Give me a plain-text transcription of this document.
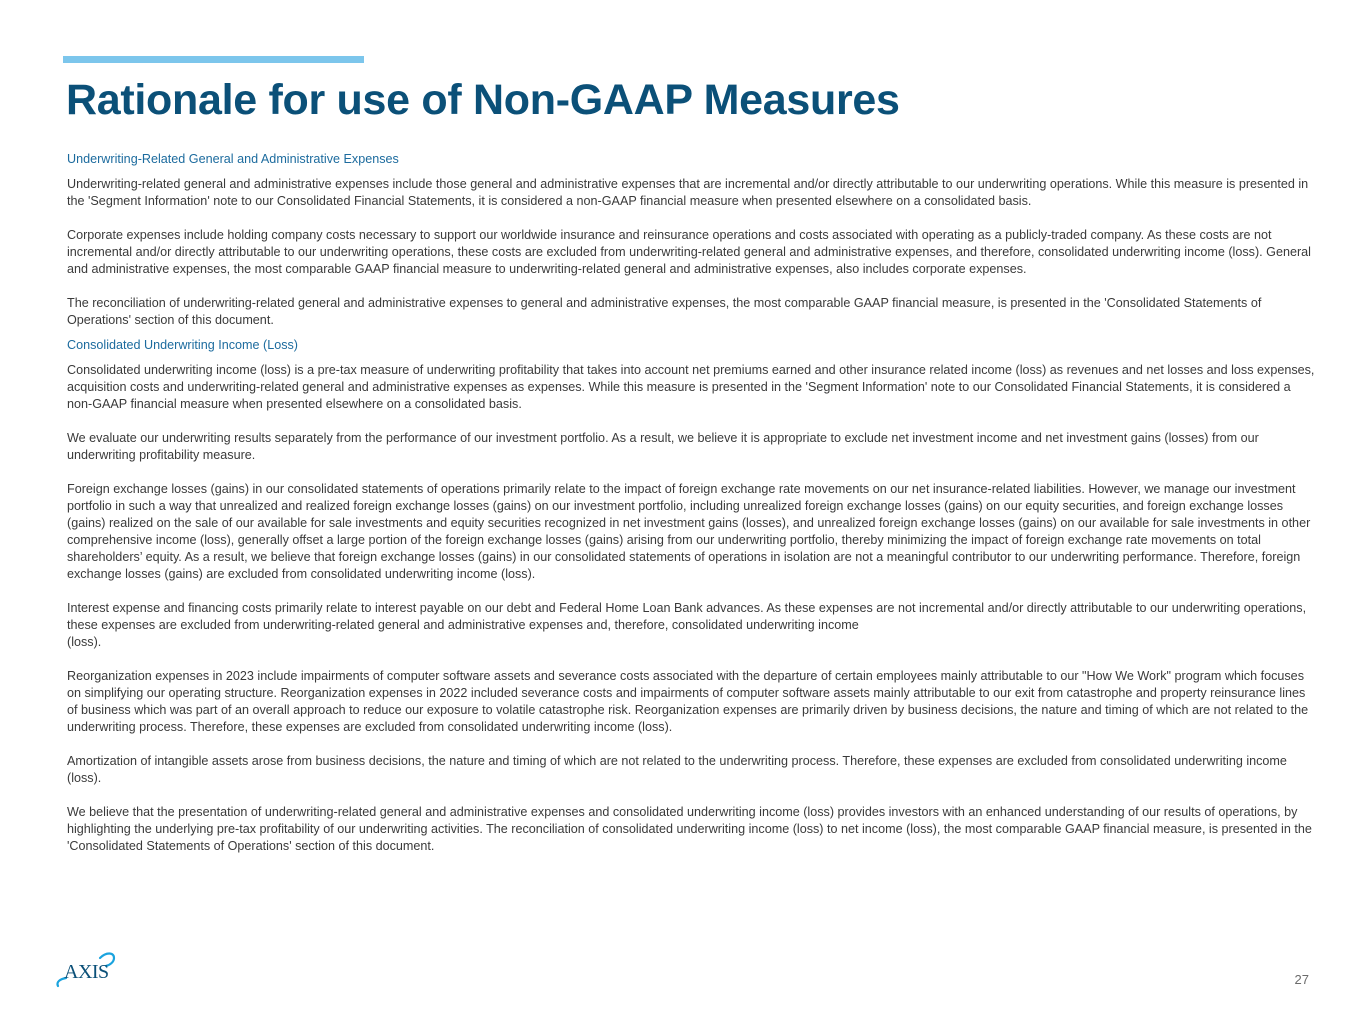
Rationale for use of Non-GAAP Measures
Underwriting-Related General and Administrative Expenses

Underwriting-related general and administrative expenses include those general and administrative expenses that are incremental and/or directly attributable to our underwriting operations. While this measure is presented in the 'Segment Information' note to our Consolidated Financial Statements, it is considered a non-GAAP financial measure when presented elsewhere on a consolidated basis.

Corporate expenses include holding company costs necessary to support our worldwide insurance and reinsurance operations and costs associated with operating as a publicly-traded company. As these costs are not incremental and/or directly attributable to our underwriting operations, these costs are excluded from underwriting-related general and administrative expenses, and therefore, consolidated underwriting income (loss). General and administrative expenses, the most comparable GAAP financial measure to underwriting-related general and administrative expenses, also includes corporate expenses.

The reconciliation of underwriting-related general and administrative expenses to general and administrative expenses, the most comparable GAAP financial measure, is presented in the 'Consolidated Statements of Operations' section of this document.

Consolidated Underwriting Income (Loss)

Consolidated underwriting income (loss) is a pre-tax measure of underwriting profitability that takes into account net premiums earned and other insurance related income (loss) as revenues and net losses and loss expenses, acquisition costs and underwriting-related general and administrative expenses as expenses. While this measure is presented in the 'Segment Information' note to our Consolidated Financial Statements, it is considered a non-GAAP financial measure when presented elsewhere on a consolidated basis.

We evaluate our underwriting results separately from the performance of our investment portfolio. As a result, we believe it is appropriate to exclude net investment income and net investment gains (losses) from our underwriting profitability measure.

Foreign exchange losses (gains) in our consolidated statements of operations primarily relate to the impact of foreign exchange rate movements on our net insurance-related liabilities. However, we manage our investment portfolio in such a way that unrealized and realized foreign exchange losses (gains) on our investment portfolio, including unrealized foreign exchange losses (gains) on our equity securities, and foreign exchange losses (gains) realized on the sale of our available for sale investments and equity securities recognized in net investment gains (losses), and unrealized foreign exchange losses (gains) on our available for sale investments in other comprehensive income (loss), generally offset a large portion of the foreign exchange losses (gains) arising from our underwriting portfolio, thereby minimizing the impact of foreign exchange rate movements on total shareholders’ equity. As a result, we believe that foreign exchange losses (gains) in our consolidated statements of operations in isolation are not a meaningful contributor to our underwriting performance. Therefore, foreign exchange losses (gains) are excluded from consolidated underwriting income (loss).

Interest expense and financing costs primarily relate to interest payable on our debt and Federal Home Loan Bank advances. As these expenses are not incremental and/or directly attributable to our underwriting operations, these expenses are excluded from underwriting-related general and administrative expenses and, therefore, consolidated underwriting income
(loss).

Reorganization expenses in 2023 include impairments of computer software assets and severance costs associated with the departure of certain employees mainly attributable to our "How We Work" program which focuses on simplifying our operating structure. Reorganization expenses in 2022 included severance costs and impairments of computer software assets mainly attributable to our exit from catastrophe and property reinsurance lines of business which was part of an overall approach to reduce our exposure to volatile catastrophe risk. Reorganization expenses are primarily driven by business decisions, the nature and timing of which are not related to the underwriting process. Therefore, these expenses are excluded from consolidated underwriting income (loss).

Amortization of intangible assets arose from business decisions, the nature and timing of which are not related to the underwriting process. Therefore, these expenses are excluded from consolidated underwriting income (loss).

We believe that the presentation of underwriting-related general and administrative expenses and consolidated underwriting income (loss) provides investors with an enhanced understanding of our results of operations, by highlighting the underlying pre-tax profitability of our underwriting activities. The reconciliation of consolidated underwriting income (loss) to net income (loss), the most comparable GAAP financial measure, is presented in the 'Consolidated Statements of Operations' section of this document.

AXIS	27
